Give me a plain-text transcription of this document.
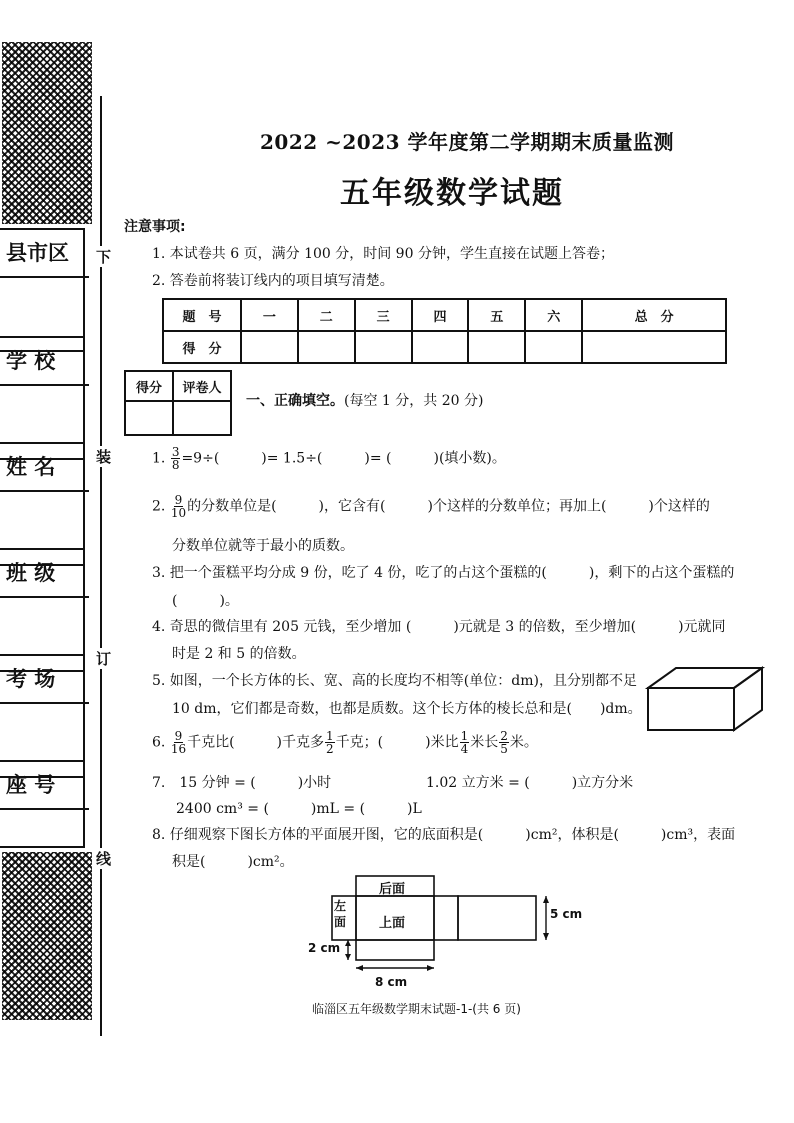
县市区
学 校
姓 名
班 级
考 场
座 号
下
装
订
线
2022 ~2023 学年度第二学期期末质量监测
五年级数学试题
注意事项:
1. 本试卷共 6 页，满分 100 分，时间 90 分钟，学生直接在试题上答卷；
2. 答卷前将装订线内的项目填写清楚。
题　号	一	二	三	四	五	六	总　分
得　分							
得分	评卷人

一、正确填空。(每空 1 分，共 20 分)
1. $\frac{3}{8} =9\div$(　　　)= 1.5÷(　　　)= (　　　)(填小数)。
2. $\frac{9}{10}$ 的分数单位是(　　　)，它含有(　　　)个这样的分数单位；再加上(　　　)个这样的
分数单位就等于最小的质数。
3. 把一个蛋糕平均分成 9 份，吃了 4 份，吃了的占这个蛋糕的(　　　)，剩下的占这个蛋糕的
(　　　)。
4. 奇思的微信里有 205 元钱，至少增加 (　　　)元就是 3 的倍数，至少增加(　　　)元就同
时是 2 和 5 的倍数。
5. 如图，一个长方体的长、宽、高的长度均不相等(单位：dm)，且分别都不足
10 dm，它们都是奇数，也都是质数。这个长方体的棱长总和是(　　)dm。
6. $\frac{9}{16}$ 千克比(　　　)千克多 $\frac{1}{2}$ 千克；(　　　)米比 $\frac{1}{4}$ 米长 $\frac{2}{5}$ 米。
7.　15 分钟 = (　　　)小时	1.02 立方米 = (　　　)立方分米
2400 cm³ = (　　　)mL = (　　　)L
8. 仔细观察下图长方体的平面展开图，它的底面积是(　　　)cm²，体积是(　　　)cm³，表面
积是(　　　)cm²。
后面
上面
左面
5 cm
2 cm
8 cm
临淄区五年级数学期末试题-1-(共 6 页)
